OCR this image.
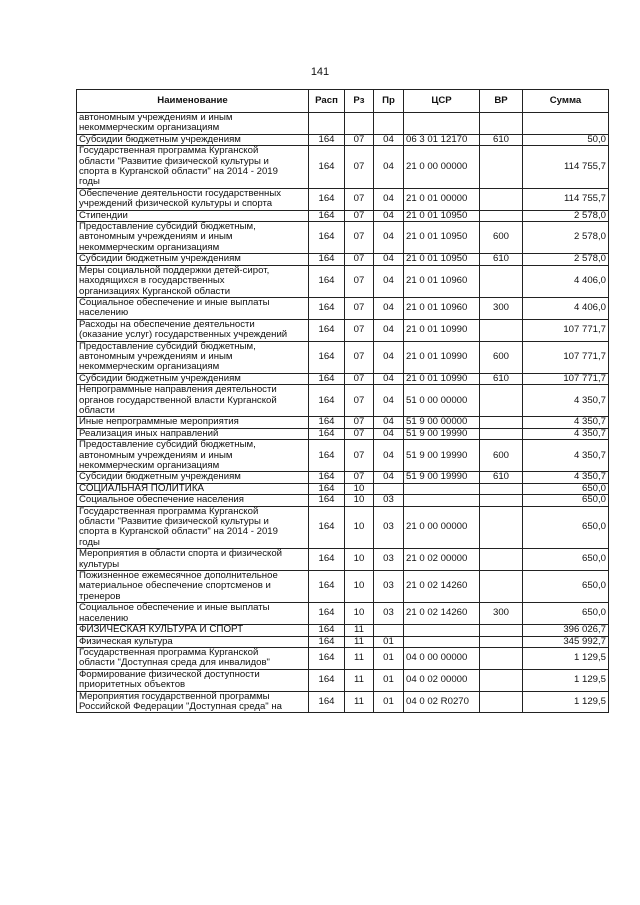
141
Наименование	Расп	Рз	Пр	ЦСР	ВР	Сумма

автономным учреждениям и иным
некоммерческим организациям						

Субсидии бюджетным учреждениям	164	07	04	06 3 01 12170	610	50,0

Государственная программа Курганской
области "Развитие физической культуры и
спорта в Курганской области" на 2014 - 2019
годы	164	07	04	21 0 00 00000		114 755,7

Обеспечение деятельности государственных
учреждений физической культуры и спорта	164	07	04	21 0 01 00000		114 755,7

Стипендии	164	07	04	21 0 01 10950		2 578,0

Предоставление субсидий бюджетным,
автономным учреждениям и иным
некоммерческим организациям	164	07	04	21 0 01 10950	600	2 578,0

Субсидии бюджетным учреждениям	164	07	04	21 0 01 10950	610	2 578,0

Меры социальной поддержки детей-сирот,
находящихся в государственных
организациях Курганской области	164	07	04	21 0 01 10960		4 406,0

Социальное обеспечение и иные выплаты
населению	164	07	04	21 0 01 10960	300	4 406,0

Расходы на обеспечение деятельности
(оказание услуг) государственных учреждений	164	07	04	21 0 01 10990		107 771,7

Предоставление субсидий бюджетным,
автономным учреждениям и иным
некоммерческим организациям	164	07	04	21 0 01 10990	600	107 771,7

Субсидии бюджетным учреждениям	164	07	04	21 0 01 10990	610	107 771,7

Непрограммные направления деятельности
органов государственной власти Курганской
области	164	07	04	51 0 00 00000		4 350,7

Иные непрограммные мероприятия	164	07	04	51 9 00 00000		4 350,7

Реализация иных направлений	164	07	04	51 9 00 19990		4 350,7

Предоставление субсидий бюджетным,
автономным учреждениям и иным
некоммерческим организациям	164	07	04	51 9 00 19990	600	4 350,7

Субсидии бюджетным учреждениям	164	07	04	51 9 00 19990	610	4 350,7

СОЦИАЛЬНАЯ ПОЛИТИКА	164	10				650,0

Социальное обеспечение населения	164	10	03			650,0

Государственная программа Курганской
области "Развитие физической культуры и
спорта в Курганской области" на 2014 - 2019
годы	164	10	03	21 0 00 00000		650,0

Мероприятия в области спорта и физической
культуры	164	10	03	21 0 02 00000		650,0

Пожизненное ежемесячное дополнительное
материальное обеспечение спортсменов и
тренеров	164	10	03	21 0 02 14260		650,0

Социальное обеспечение и иные выплаты
населению	164	10	03	21 0 02 14260	300	650,0

ФИЗИЧЕСКАЯ КУЛЬТУРА И СПОРТ	164	11				396 026,7

Физическая культура	164	11	01			345 992,7

Государственная программа Курганской
области "Доступная среда для инвалидов"	164	11	01	04 0 00 00000		1 129,5

Формирование физической доступности
приоритетных объектов	164	11	01	04 0 02 00000		1 129,5

Мероприятия государственной программы
Российской Федерации "Доступная среда" на	164	11	01	04 0 02 R0270		1 129,5
